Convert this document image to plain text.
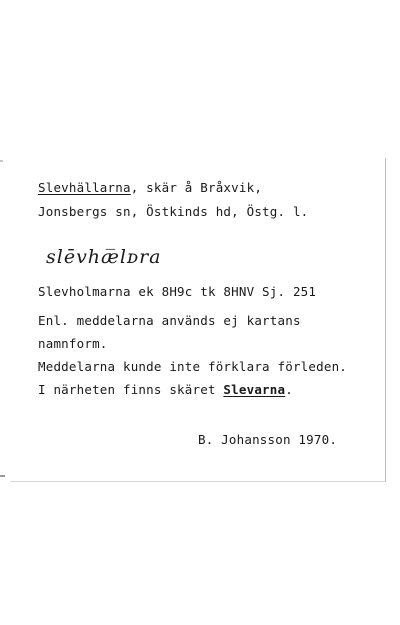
Slevhällarna, skär å Bråxvik,
Jonsbergs sn, Östkinds hd, Östg. l.
slēvhæ̅lᴅra
Slevholmarna ek 8H9c tk 8HNV Sj. 251
Enl. meddelarna används ej kartans
namnform.
Meddelarna kunde inte förklara förleden.
I närheten finns skäret Slevarna.
B. Johansson 1970.
